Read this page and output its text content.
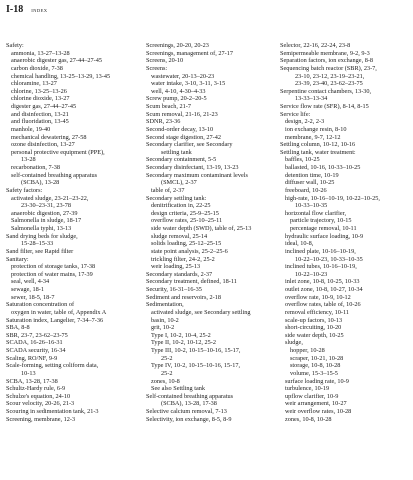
I-18 INDEX
Safety:
ammonia, 13-27–13-28
anaerobic digester gas, 27-44–27-45
carbon dioxide, 7-38
chemical handling, 13-25–13-29, 13-45
chloramine, 13-27
chlorine, 13-25–13-26
chlorine dioxide, 13-27
digester gas, 27-44–27-45
and disinfection, 13-21
and fluoridation, 13-45
manhole, 19-40
mechanical dewatering, 27-58
ozone disinfection, 13-27
personal protective equipment (PPE),
13-28
recarbonation, 7-38
self-contained breathing apparatus
(SCBA), 13-28
Safety factors:
activated sludge, 23-21–23-22,
23-30–23-31, 23-78
anaerobic digestion, 27-39
Salmonella in sludge, 18-17
Salmonella typhi, 13-13
Sand drying beds for sludge,
15-28–15-33
Sand filter, see Rapid filter
Sanitary:
protection of storage tanks, 17-38
protection of water mains, 17-39
seal, well, 4-34
sewage, 18-1
sewer, 18-5, 18-7
Saturation concentration of
oxygen in water, table of, Appendix A
Saturation index, Langelier, 7-34–7-36
SBA, 8-8
SBR, 23-7, 23-62–23-75
SCADA, 16-26–16-31
SCADA security, 16-34
Scaling, RO/NF, 9-9
Scale-forming, setting coliform data,
10-13
SCBA, 13-28, 17-38
Schultz-Hardy rule, 6-9
Schulze's equation, 24-10
Scour velocity, 20-26, 21-3
Scouring in sedimentation tank, 21-3
Screening, membrane, 12-3
Screenings, 20-20, 20-23
Screenings, management of, 27-17
Screens, 20-10
Screens:
wastewater, 20-13–20-23
water intake, 3-10, 3-11, 3-15
well, 4-10, 4-30–4-33
Screw pump, 20-2–20-5
Scum beach, 21-7
Scum removal, 21-16, 21-23
SDNR, 23-36
Second-order decay, 13-10
Second stage digestion, 27-42
Secondary clarifier, see Secondary
settling tank
Secondary containment, 5-5
Secondary disinfectant, 13-19, 13-23
Secondary maximum contaminant levels
(SMCL), 2-37
table of, 2-37
Secondary settling tank:
denitrification in, 22-25
design criteria, 25-9–25-15
overflow rates, 25-10–25-11
side water depth (SWD), table of, 25-13
sludge removal, 25-14
solids loading, 25-12–25-15
state point analysis, 25-2–25-6
trickling filter, 24-2, 25-2
weir loading, 25-13
Secondary standards, 2-37
Secondary treatment, defined, 18-11
Security, 16-31–16-35
Sediment and reservoirs, 2-18
Sedimentation,
activated sludge, see Secondary settling
basin, 10-2
grit, 10-2
Type I, 10-2, 10-4, 25-2
Type II, 10-2, 10-12, 25-2
Type III, 10-2, 10-15–10-16, 15-17,
25-2
Type IV, 10-2, 10-15–10-16, 15-17,
25-2
zones, 10-8
See also Settling tank
Self-contained breathing apparatus
(SCBA), 13-28, 17-38
Selective calcium removal, 7-13
Selectivity, ion exchange, 8-5, 8-9
Selector, 22-16, 22-24, 23-8
Semipermeable membrane, 9-2, 9-3
Separation factors, ion exchange, 8-8
Sequencing batch reactor (SBR), 23-7,
23-10, 23-12, 23-19–23-21,
23-39, 23-40, 23-62–23-75
Serpentine contact chambers, 13-30,
13-33–13-34
Service flow rate (SFR), 8-14, 8-15
Service life:
design, 2-2, 2-3
ion exchange resin, 8-10
membrane, 9-7, 12-12
Settling column, 10-12, 10-16
Settling tank, water treatment:
baffles, 10-25
ballasted, 10-16, 10-33–10-25
detention time, 10-19
diffuser wall, 10-25
freeboard, 10-26
high-rate, 10-16–10-19, 10-22–10-25,
10-33–10-35
horizontal flow clarifier,
particle trajectory, 10-15
percentage removal, 10-11
hydraulic surface loading, 10-9
ideal, 10-8,
inclined plate, 10-16–10-19,
10-22–10-23, 10-33–10-35
inclined tubes, 10-16–10-19,
10-22–10-23
inlet zone, 10-8, 10-25, 10-33
outlet zone, 10-8, 10-27, 10-34
overflow rate, 10-9, 10-12
overflow rates, table of, 10-26
removal efficiency, 10-11
scale-up factors, 10-13
short-circuiting, 10-20
side water depth, 10-25
sludge,
hopper, 10-28
scraper, 10-21, 10-28
storage, 10-8, 10-28
volume, 15-3–15-5
surface loading rate, 10-9
turbulence, 10-19
upflow clarifier, 10-9
weir arrangement, 10-27
weir overflow rates, 10-28
zones, 10-8, 10-28
